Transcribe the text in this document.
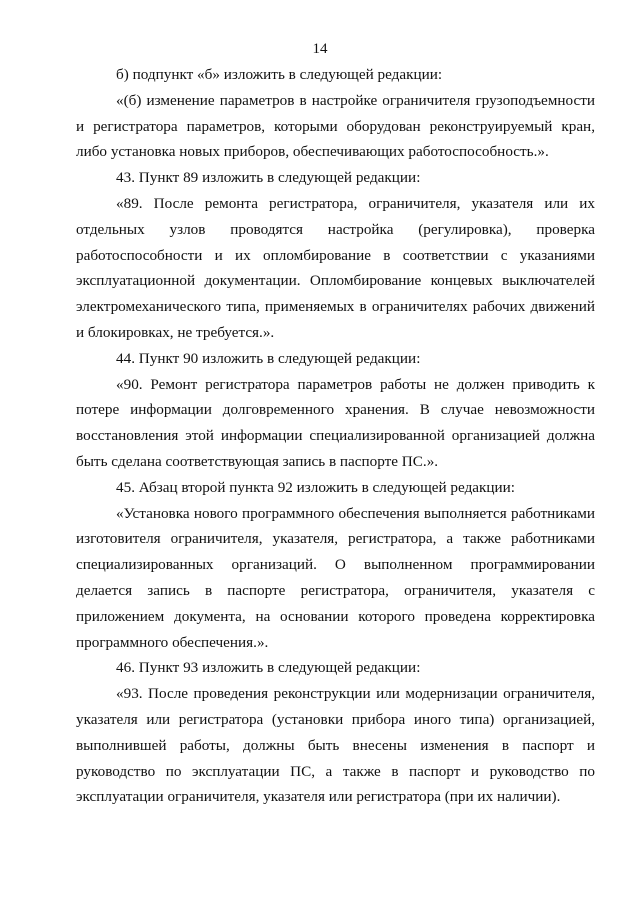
14

б) подпункт «б» изложить в следующей редакции:

«(б) изменение параметров в настройке ограничителя грузоподъемности и регистратора параметров, которыми оборудован реконструируемый кран, либо установка новых приборов, обеспечивающих работоспособность.».

43. Пункт 89 изложить в следующей редакции:

«89. После ремонта регистратора, ограничителя, указателя или их отдельных узлов проводятся настройка (регулировка), проверка работоспособности и их опломбирование в соответствии с указаниями эксплуатационной документации. Опломбирование концевых выключателей электромеханического типа, применяемых в ограничителях рабочих движений и блокировках, не требуется.».

44. Пункт 90 изложить в следующей редакции:

«90. Ремонт регистратора параметров работы не должен приводить к потере информации долговременного хранения. В случае невозможности восстановления этой информации специализированной организацией должна быть сделана соответствующая запись в паспорте ПС.».

45. Абзац второй пункта 92 изложить в следующей редакции:

«Установка нового программного обеспечения выполняется работниками изготовителя ограничителя, указателя, регистратора, а также работниками специализированных организаций. О выполненном программировании делается запись в паспорте регистратора, ограничителя, указателя с приложением документа, на основании которого проведена корректировка программного обеспечения.».

46. Пункт 93 изложить в следующей редакции:

«93. После проведения реконструкции или модернизации ограничителя, указателя или регистратора (установки прибора иного типа) организацией, выполнившей работы, должны быть внесены изменения в паспорт и руководство по эксплуатации ПС, а также в паспорт и руководство по эксплуатации ограничителя, указателя или регистратора (при их наличии).
